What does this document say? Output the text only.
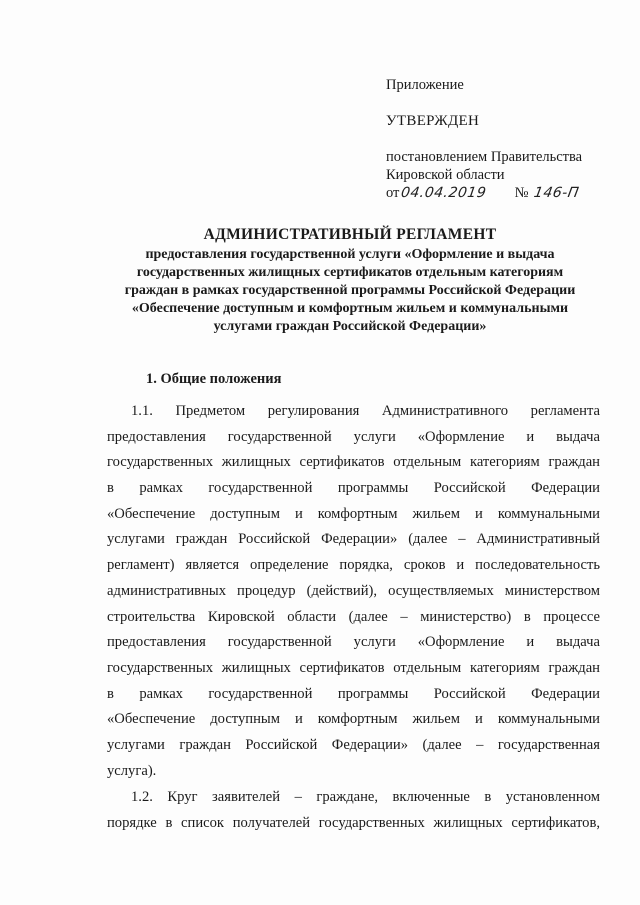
Приложение

УТВЕРЖДЕН

постановлением Правительства

Кировской области

от04.04.2019 № 146-П

АДМИНИСТРАТИВНЫЙ РЕГЛАМЕНТ

предоставления государственной услуги «Оформление и выдача

государственных жилищных сертификатов отдельным категориям

граждан в рамках государственной программы Российской Федерации

«Обеспечение доступным и комфортным жильем и коммунальными

услугами граждан Российской Федерации»

1. Общие положения
1.1. Предметом регулирования Административного регламента
предоставления государственной услуги «Оформление и выдача
государственных жилищных сертификатов отдельным категориям граждан
в рамках государственной программы Российской Федерации
«Обеспечение доступным и комфортным жильем и коммунальными
услугами граждан Российской Федерации» (далее – Административный
регламент) является определение порядка, сроков и последовательность
административных процедур (действий), осуществляемых министерством
строительства Кировской области (далее – министерство) в процессе
предоставления государственной услуги «Оформление и выдача
государственных жилищных сертификатов отдельным категориям граждан
в рамках государственной программы Российской Федерации
«Обеспечение доступным и комфортным жильем и коммунальными
услугами граждан Российской Федерации» (далее – государственная
услуга).
1.2. Круг заявителей – граждане, включенные в установленном
порядке в список получателей государственных жилищных сертификатов,
